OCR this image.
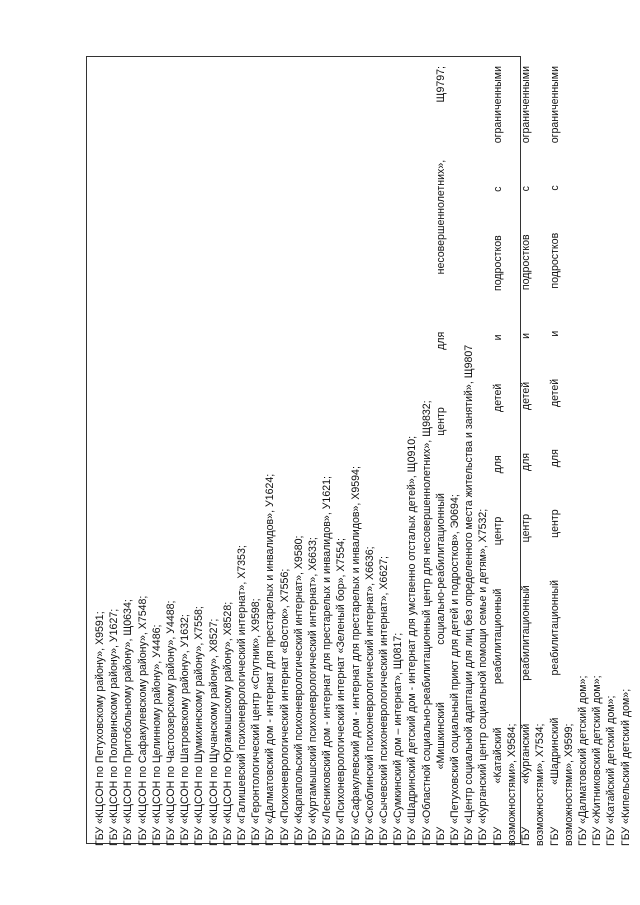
ГБУ «КЦСОН по Петуховскому району», Х9591; ГБУ «КЦСОН по Половинскому району», У1627; ГБУ «КЦСОН по Притобольному району», Щ0634; ГБУ «КЦСОН по Сафакулевскому району», Х7548; ГБУ «КЦСОН по Целинному району», У4486; ГБУ «КЦСОН по Частоозерскому району», У4488; ГБУ «КЦСОН по Шатровскому району», У1632; ГБУ «КЦСОН по Шумихинскому району», Х7558; ГБУ «КЦСОН по Щучанскому району», Х8527; ГБУ «КЦСОН по Юргамышскому району», Х8528; ГБУ «Галишевский психоневрологический интернат», Х7353; ГБУ «Геронтологический центр «Спутник», Х9598; ГБУ «Далматовский дом - интернат для престарелых и инвалидов», У1624; ГБУ «Психоневрологический интернат «Восток», Х7556; ГБУ «Карпапольский психоневрологический интернат», Х9580; ГБУ «Куртамышский психоневрологический интернат», Х6633; ГБУ «Лесниковский дом - интернат для престарелых и инвалидов», У1621; ГБУ «Психоневрологический интернат «Зеленый бор», Х7554; ГБУ «Сафакулевский дом - интернат для престарелых и инвалидов», Х9594; ГБУ «Скоблинский психоневрологический интернат», Х6636; ГБУ «Сычевский психоневрологический интернат», Х6627; ГБУ «Сумкинский дом – интернат», Щ0817; ГБУ «Шадринский детский дом - интернат для умственно отсталых детей», Щ0910; ГБУ «Областной социально-реабилитационный центр для несовершеннолетних», Щ9832; ГБУ «Мишкинский социально-реабилитационный центр для несовершеннолетних», Щ9797; ГБУ «Петуховский социальный приют для детей и подростков», Э0694; ГБУ «Центр социальной адаптации для лиц без определенного места жительства и занятий», Щ9807 ГБУ «Курганский центр социальной помощи семье и детям», Х7532; ГБУ «Катайский реабилитационный центр для детей и подростков с ограниченными возможностями», Х9584; ГБУ «Курганский реабилитационный центр для детей и подростков с ограниченными возможностями», Х7534; ГБУ «Шадринский реабилитационный центр для детей и подростков с ограниченными возможностями», Х9599; ГБУ «Далматовский детский дом»; ГБУ «Житниковский детский дом»; ГБУ «Катайский детский дом»; ГБУ «Кипельский детский дом»;
